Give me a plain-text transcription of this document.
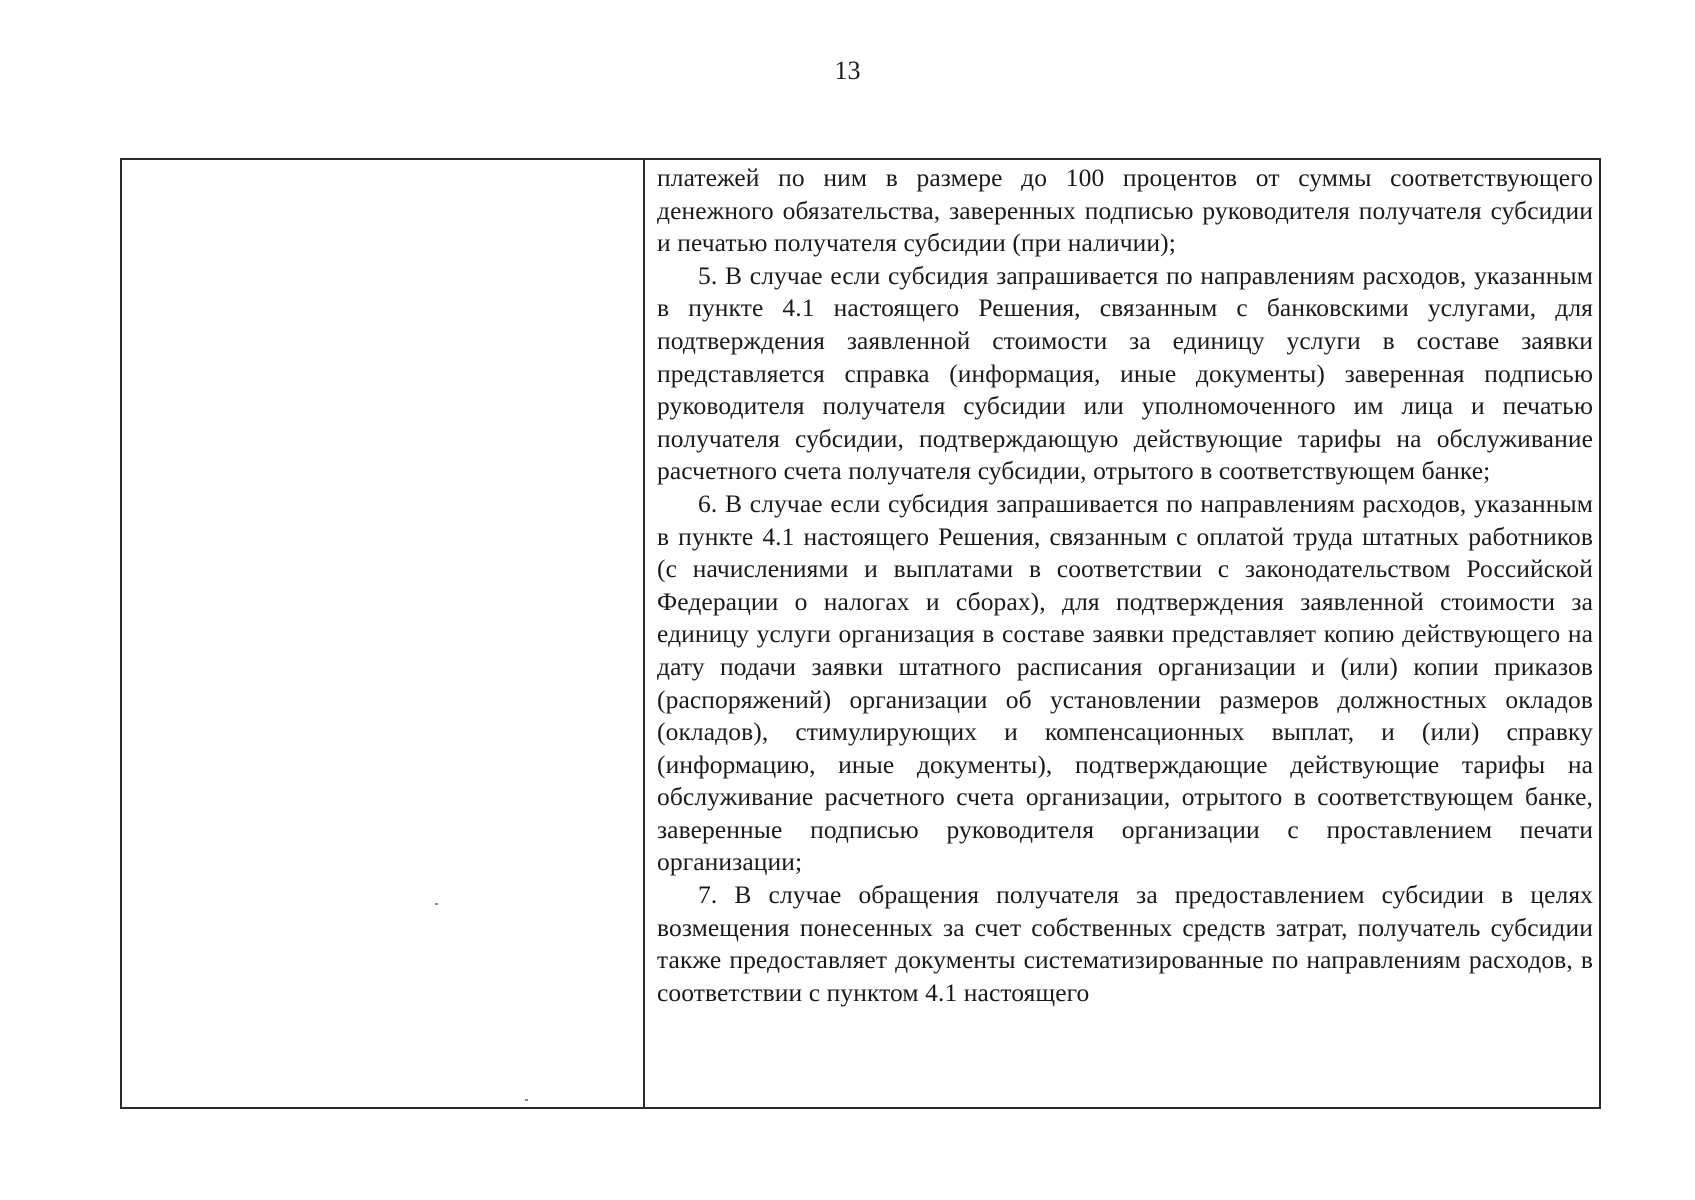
13

платежей по ним в размере до 100 процентов от суммы соответствующего денежного обязательства, заверенных подписью руководителя получателя субсидии и печатью получателя субсидии (при наличии);

5. В случае если субсидия запрашивается по направлениям расходов, указанным в пункте 4.1 настоящего Решения, связанным с банковскими услугами, для подтверждения заявленной стоимости за единицу услуги в составе заявки представляется справка (информация, иные документы) заверенная подписью руководителя получателя субсидии или уполномоченного им лица и печатью получателя субсидии, подтверждающую действующие тарифы на обслуживание расчетного счета получателя субсидии, отрытого в соответствующем банке;

6. В случае если субсидия запрашивается по направлениям расходов, указанным в пункте 4.1 настоящего Решения, связанным с оплатой труда штатных работников (с начислениями и выплатами в соответствии с законодательством Российской Федерации о налогах и сборах), для подтверждения заявленной стоимости за единицу услуги организация в составе заявки представляет копию действующего на дату подачи заявки штатного расписания организации и (или) копии приказов (распоряжений) организации об установлении размеров должностных окладов (окладов), стимулирующих и компенсационных выплат, и (или) справку (информацию, иные документы), подтверждающие действующие тарифы на обслуживание расчетного счета организации, отрытого в соответствующем банке, заверенные подписью руководителя организации с проставлением печати организации;

7. В случае обращения получателя за предоставлением субсидии в целях возмещения понесенных за счет собственных средств затрат, получатель субсидии также предоставляет документы систематизированные по направлениям расходов, в соответствии с пунктом 4.1 настоящего
